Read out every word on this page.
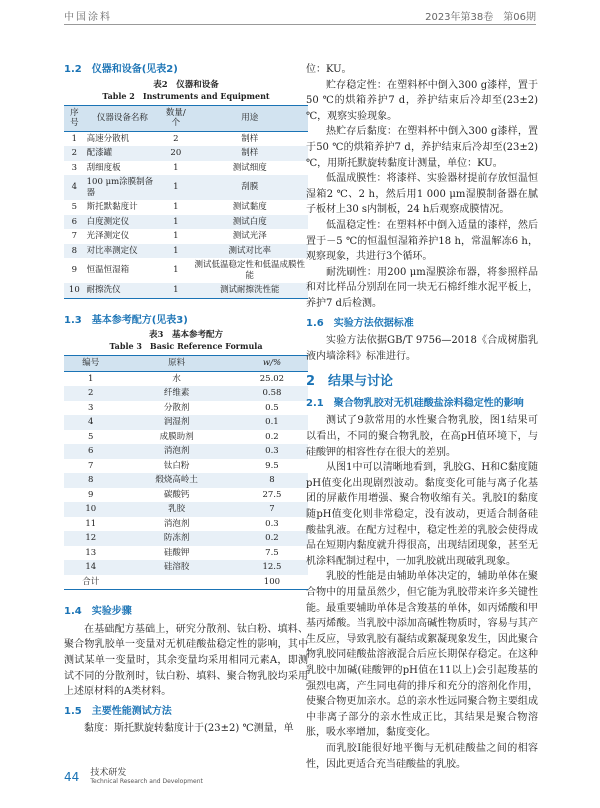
中国涂料	2023年第38卷　第06期
1.2　仪器和设备(见表2)
表2　仪器和设备
Table 2　Instruments and Equipment
序号	仪器设备名称	数量/个	用途
1	高速分散机	2	制样
2	配漆罐	20	制样
3	刮细度板	1	测试细度
4	100 μm涂膜制备器	1	刮膜
5	斯托默黏度计	1	测试黏度
6	白度测定仪	1	测试白度
7	光泽测定仪	1	测试光泽
8	对比率测定仪	1	测试对比率
9	恒温恒湿箱	1	测试低温稳定性和低温成膜性能
10	耐擦洗仪	1	测试耐擦洗性能
1.3　基本参考配方(见表3)
表3　基本参考配方
Table 3　Basic Reference Formula
编号	原料	w/%
1	水	25.02
2	纤维素	0.58
3	分散剂	0.5
4	润湿剂	0.1
5	成膜助剂	0.2
6	消泡剂	0.3
7	钛白粉	9.5
8	煅烧高岭土	8
9	碳酸钙	27.5
10	乳胶	7
11	消泡剂	0.3
12	防冻剂	0.2
13	硅酸钾	7.5
14	硅溶胶	12.5
合计		100
1.4　实验步骤

在基础配方基础上，研究分散剂、钛白粉、填料、聚合物乳胶单一变量对无机硅酸盐稳定性的影响，其中测试某单一变量时，其余变量均采用相同元素A，即测试不同的分散剂时，钛白粉、填料、聚合物乳胶均采用上述原材料的A类材料。

1.5　主要性能测试方法

黏度：斯托默旋转黏度计于(23±2) ℃测量，单

位：KU。

贮存稳定性：在塑料杯中倒入300 g漆样，置于50 ℃的烘箱养护7 d，养护结束后冷却至(23±2) ℃，观察实验现象。

热贮存后黏度：在塑料杯中倒入300 g漆样，置于50 ℃的烘箱养护7 d，养护结束后冷却至(23±2) ℃，用斯托默旋转黏度计测量，单位：KU。

低温成膜性：将漆样、实验器材提前存放恒温恒湿箱2 ℃、2 h，然后用1 000 μm湿膜制备器在腻子板材上30 s内制板，24 h后观察成膜情况。

低温稳定性：在塑料杯中倒入适量的漆样，然后置于－5 ℃的恒温恒湿箱养护18 h，常温解冻6 h，观察现象，共进行3个循环。

耐洗刷性：用200 μm湿膜涂布器，将参照样品和对比样品分别刮在同一块无石棉纤维水泥平板上，养护7 d后检测。

1.6　实验方法依据标准

实验方法依据GB/T 9756—2018《合成树脂乳液内墙涂料》标准进行。

2　结果与讨论
2.1　聚合物乳胶对无机硅酸盐涂料稳定性的影响

测试了9款常用的水性聚合物乳胶，图1结果可以看出，不同的聚合物乳胶，在高pH值环境下，与硅酸钾的相容性存在很大的差别。

从图1中可以清晰地看到，乳胶G、H和C黏度随pH值变化出现剧烈波动。黏度变化可能与离子化基团的屏蔽作用增强、聚合物收缩有关。乳胶I的黏度随pH值变化则非常稳定，没有波动，更适合制备硅酸盐乳液。在配方过程中，稳定性差的乳胶会使得成品在短期内黏度就升得很高，出现结团现象，甚至无机涂料配制过程中，一加乳胶就出现破乳现象。

乳胶的性能是由辅助单体决定的，辅助单体在聚合物中的用量虽然少，但它能为乳胶带来许多关键性能。最重要辅助单体是含羧基的单体，如丙烯酸和甲基丙烯酸。当乳胶中添加高碱性物质时，容易与其产生反应，导致乳胶有凝结或絮凝现象发生，因此聚合物乳胶同硅酸盐溶液混合后应长期保存稳定。在这种乳胶中加碱(硅酸钾的pH值在11以上)会引起羧基的强烈电离，产生同电荷的排斥和充分的溶剂化作用，使聚合物更加亲水。总的亲水性远同聚合物主要组成中非离子部分的亲水性成正比，其结果是聚合物溶胀，吸水率增加，黏度变化。

而乳胶I能很好地平衡与无机硅酸盐之间的相容性，因此更适合充当硅酸盐的乳胶。

44 技术研发
Technical Research and Development
